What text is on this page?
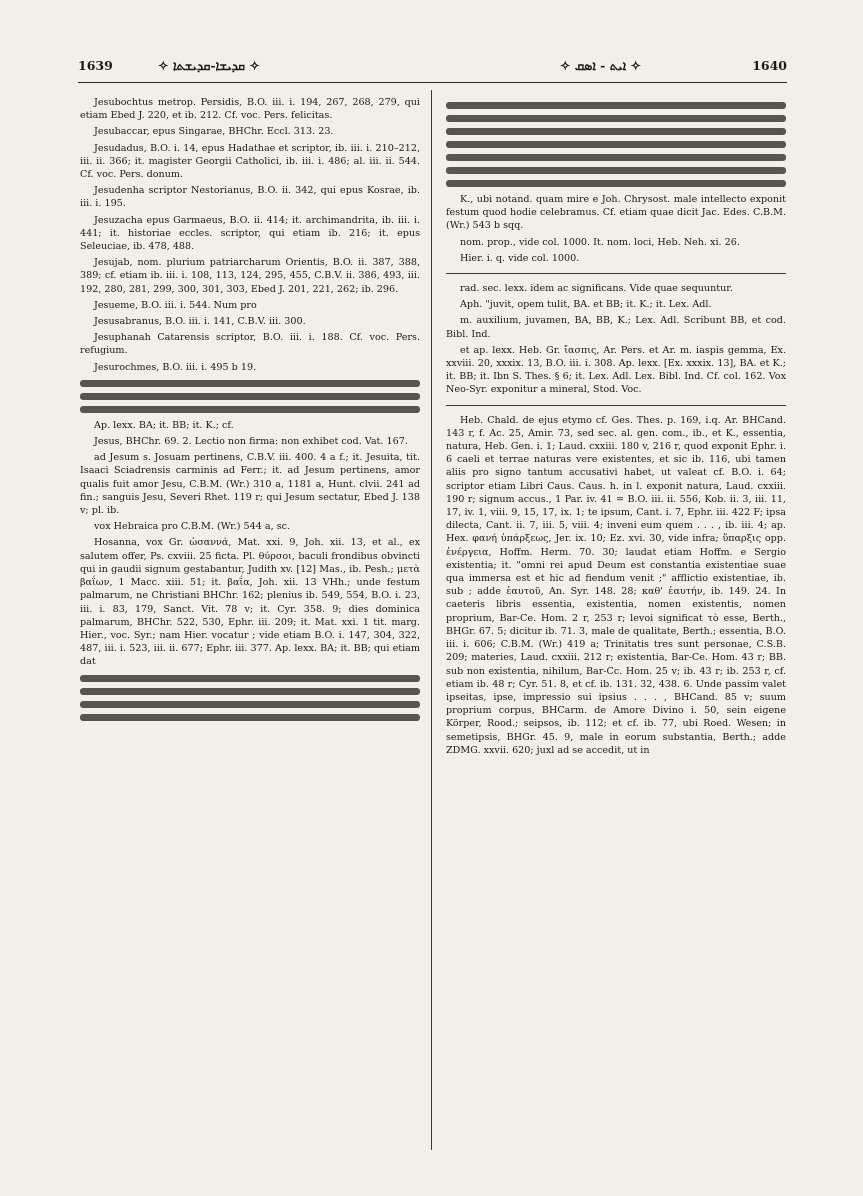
1639	✧ ܩܕܝܫܐ-ܩܕܝܫܬܐ ✧	✧ ܐܝܬ - ܐܣܩ ✧	1640

Jesubochtus metrop. Persidis, B.O. iii. i. 194, 267, 268, 279, qui etiam Ebed J. 220, et ib. 212. Cf. voc. Pers. felicitas.

Jesubaccar, epus Singarae, BHChr. Eccl. 313. 23.

Jesudadus, B.O. i. 14, epus Hadathae et scriptor, ib. iii. i. 210–212, iii. ii. 366; it. magister Georgii Catholici, ib. iii. i. 486; al. iii. ii. 544. Cf. voc. Pers. donum.

Jesudenha scriptor Nestorianus, B.O. ii. 342, qui epus Kosrae, ib. iii. i. 195.

Jesuzacha epus Garmaeus, B.O. ii. 414; it. archimandrita, ib. iii. i. 441; it. historiae eccles. scriptor, qui etiam ib. 216; it. epus Seleuciae, ib. 478, 488.

Jesujab, nom. plurium patriarcharum Orientis, B.O. ii. 387, 388, 389; cf. etiam ib. iii. i. 108, 113, 124, 295, 455, C.B.V. ii. 386, 493, iii. 192, 280, 281, 299, 300, 301, 303, Ebed J. 201, 221, 262; ib. 296.

Jesueme, B.O. iii. i. 544. Num pro

Jesusabranus, B.O. iii. i. 141, C.B.V. iii. 300.

Jesuphanah Catarensis scriptor, B.O. iii. i. 188. Cf. voc. Pers. refugium.

Jesurochmes, B.O. iii. i. 495 b 19.

Ap. lexx. BA; it. BB; it. K.; cf.

Jesus, BHChr. 69. 2. Lectio non firma: non exhibet cod. Vat. 167.

ad Jesum s. Josuam pertinens, C.B.V. iii. 400. 4 a f.; it. Jesuita, tit. Isaaci Sciadrensis carminis ad Ferr.; it. ad Jesum pertinens, amor qualis fuit amor Jesu, C.B.M. (Wr.) 310 a, 1181 a, Hunt. clvii. 241 ad fin.; sanguis Jesu, Severi Rhet. 119 r; qui Jesum sectatur, Ebed J. 138 v; pl. ib.

vox Hebraica pro C.B.M. (Wr.) 544 a, sc.

Hosanna, vox Gr. ὡσαννά, Mat. xxi. 9, Joh. xii. 13, et al., ex salutem offer, Ps. cxviii. 25 ficta. Pl. θύρσοι, baculi frondibus obvincti qui in gaudii signum gestabantur, Judith xv. [12] Mas., ib. Pesh.; μετὰ βαΐων, 1 Macc. xiii. 51; it. βαΐα, Joh. xii. 13 VHh.; unde festum palmarum, ne Christiani BHChr. 162; plenius ib. 549, 554, B.O. i. 23, iii. i. 83, 179, Sanct. Vit. 78 v; it. Cyr. 358. 9; dies dominica palmarum, BHChr. 522, 530, Ephr. iii. 209; it. Mat. xxi. 1 tit. marg. Hier., voc. Syr.; nam Hier. vocatur ; vide etiam B.O. i. 147, 304, 322, 487, iii. i. 523, iii. ii. 677; Ephr. iii. 377. Ap. lexx. BA; it. BB; qui etiam dat

K., ubi notand. quam mire e Joh. Chrysost. male intellecto exponit festum quod hodie celebramus. Cf. etiam quae dicit Jac. Edes. C.B.M. (Wr.) 543 b sqq.

nom. prop., vide col. 1000. It. nom. loci, Heb. Neh. xi. 26.

Hier. i. q. vide col. 1000.

rad. sec. lexx. idem ac significans. Vide quae sequuntur.

Aph. "juvit, opem tulit, BA. et BB; it. K.; it. Lex. Adl.

m. auxilium, juvamen, BA, BB, K.; Lex. Adl. Scribunt BB, et cod. Bibl. Ind.

et ap. lexx. Heb. Gr. ἴασπις, Ar. Pers. et Ar. m. iaspis gemma, Ex. xxviii. 20, xxxix. 13, B.O. iii. i. 308. Ap. lexx. [Ex. xxxix. 13], BA. et K.; it. BB; it. Ibn S. Thes. § 6; it. Lex. Adl. Lex. Bibl. Ind. Cf. col. 162. Vox Neo-Syr. exponitur a mineral, Stod. Voc.

Heb. Chald. de ejus etymo cf. Ges. Thes. p. 169, i.q. Ar. BHCand. 143 r, f. Ac. 25, Amir. 73, sed sec. al. gen. com., ib., et K., essentia, natura, Heb. Gen. i. 1; Laud. cxxiii. 180 v, 216 r, quod exponit Ephr. i. 6 caeli et terrae naturas vere existentes, et sic ib. 116, ubi tamen aliis pro signo tantum accusativi habet, ut valeat cf. B.O. i. 64; scriptor etiam Libri Caus. Caus. h. in l. exponit natura, Laud. cxxiii. 190 r; signum accus., 1 Par. iv. 41 = B.O. iii. ii. 556, Kob. ii. 3, iii. 11, 17, iv. 1, viii. 9, 15, 17, ix. 1; te ipsum, Cant. i. 7, Ephr. iii. 422 F; ipsa dilecta, Cant. ii. 7, iii. 5, viii. 4; inveni eum quem . . . , ib. iii. 4; ap. Hex. φανή ὑπάρξεως, Jer. ix. 10; Ez. xvi. 30, vide infra; ὕπαρξις opp. ἐνέργεια, Hoffm. Herm. 70. 30; laudat etiam Hoffm. e Sergio existentia; it. "omni rei apud Deum est constantia existentiae suae qua immersa est et hic ad fiendum venit ;" afflictio existentiae, ib. sub ; adde ἑαυτοῦ, An. Syr. 148. 28; καθ' ἑαυτήν, ib. 149. 24. In caeteris libris essentia, existentia, nomen existentis, nomen proprium, Bar-Ce. Hom. 2 r, 253 r; levoi significat τὸ esse, Berth., BHGr. 67. 5; dicitur ib. 71. 3, male de qualitate, Berth.; essentia, B.O. iii. i. 606; C.B.M. (Wr.) 419 a; Trinitatis tres sunt personae, C.S.B. 209; materies, Laud. cxxiii. 212 r; existentia, Bar-Ce. Hom. 43 r; BB. sub non existentia, nihilum, Bar-Cc. Hom. 25 v; ib. 43 r; ib. 253 r, cf. etiam ib. 48 r; Cyr. 51. 8, et cf. ib. 131. 32, 438. 6. Unde passim valet ipseitas, ipse, impressio sui ipsius . . . , BHCand. 85 v; suum proprium corpus, BHCarm. de Amore Divino i. 50, sein eigene Körper, Rood.; seipsos, ib. 112; et cf. ib. 77, ubi Roed. Wesen; in semetipsis, BHGr. 45. 9, male in eorum substantia, Berth.; adde ZDMG. xxvii. 620; juxl ad se accedit, ut in
